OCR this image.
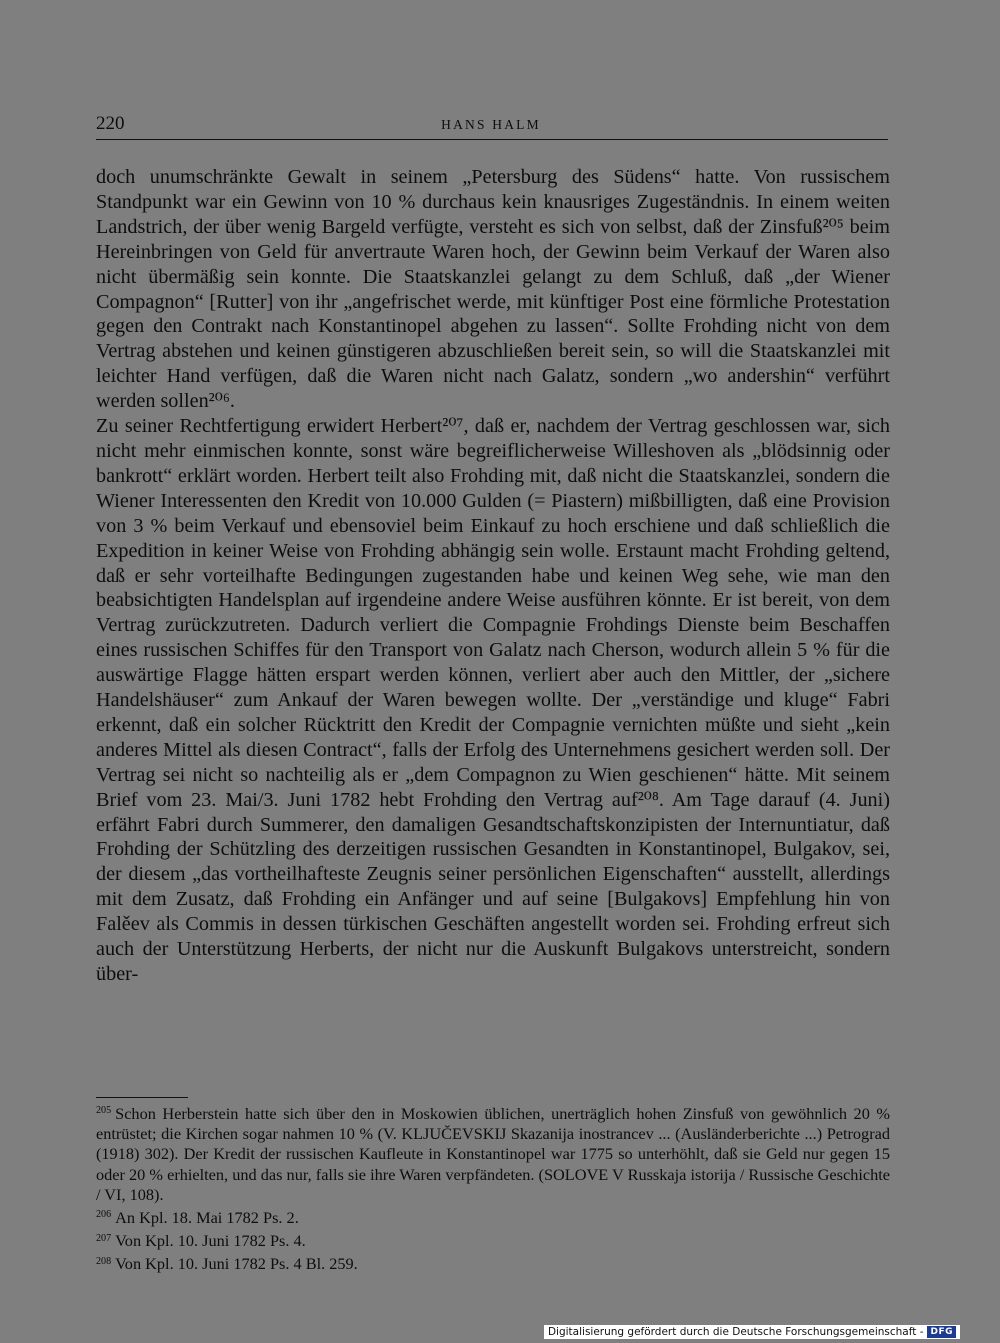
220	HANS HALM

doch unumschränkte Gewalt in seinem „Petersburg des Südens“ hatte. Von russischem Standpunkt war ein Gewinn von 10 % durchaus kein knausriges Zugeständnis. In einem weiten Landstrich, der über wenig Bargeld verfügte, versteht es sich von selbst, daß der Zinsfuß²⁰⁵ beim Hereinbringen von Geld für anvertraute Waren hoch, der Gewinn beim Verkauf der Waren also nicht übermäßig sein konnte. Die Staatskanzlei gelangt zu dem Schluß, daß „der Wiener Compagnon“ [Rutter] von ihr „angefrischet werde, mit künftiger Post eine förmliche Protestation gegen den Contrakt nach Konstantinopel abgehen zu lassen“. Sollte Frohding nicht von dem Vertrag abstehen und keinen günstigeren abzuschließen bereit sein, so will die Staatskanzlei mit leichter Hand verfügen, daß die Waren nicht nach Galatz, sondern „wo andershin“ verführt werden sollen²⁰⁶.

Zu seiner Rechtfertigung erwidert Herbert²⁰⁷, daß er, nachdem der Vertrag geschlossen war, sich nicht mehr einmischen konnte, sonst wäre begreiflicherweise Willeshoven als „blödsinnig oder bankrott“ erklärt worden. Herbert teilt also Frohding mit, daß nicht die Staatskanzlei, sondern die Wiener Interessenten den Kredit von 10.000 Gulden (= Piastern) mißbilligten, daß eine Provision von 3 % beim Verkauf und ebensoviel beim Einkauf zu hoch erschiene und daß schließlich die Expedition in keiner Weise von Frohding abhängig sein wolle. Erstaunt macht Frohding geltend, daß er sehr vorteilhafte Bedingungen zugestanden habe und keinen Weg sehe, wie man den beabsichtigten Handelsplan auf irgendeine andere Weise ausführen könnte. Er ist bereit, von dem Vertrag zurückzutreten. Dadurch verliert die Compagnie Frohdings Dienste beim Beschaffen eines russischen Schiffes für den Transport von Galatz nach Cherson, wodurch allein 5 % für die auswärtige Flagge hätten erspart werden können, verliert aber auch den Mittler, der „sichere Handelshäuser“ zum Ankauf der Waren bewegen wollte. Der „verständige und kluge“ Fabri erkennt, daß ein solcher Rücktritt den Kredit der Compagnie vernichten müßte und sieht „kein anderes Mittel als diesen Contract“, falls der Erfolg des Unternehmens gesichert werden soll. Der Vertrag sei nicht so nachteilig als er „dem Compagnon zu Wien geschienen“ hätte. Mit seinem Brief vom 23. Mai/3. Juni 1782 hebt Frohding den Vertrag auf²⁰⁸. Am Tage darauf (4. Juni) erfährt Fabri durch Summerer, den damaligen Gesandtschaftskonzipisten der Internuntiatur, daß Frohding der Schützling des derzeitigen russischen Gesandten in Konstantinopel, Bulgakov, sei, der diesem „das vortheilhafteste Zeugnis seiner persönlichen Eigenschaften“ ausstellt, allerdings mit dem Zusatz, daß Frohding ein Anfänger und auf seine [Bulgakovs] Empfehlung hin von Falěev als Commis in dessen türkischen Geschäften angestellt worden sei. Frohding erfreut sich auch der Unterstützung Herberts, der nicht nur die Auskunft Bulgakovs unterstreicht, sondern über-

$^{205}$ Schon Herberstein hatte sich über den in Moskowien üblichen, unerträglich hohen Zinsfuß von gewöhnlich 20 % entrüstet; die Kirchen sogar nahmen 10 % (V. KLJUČEVSKIJ Skazanija inostrancev ... (Ausländerberichte ...) Petrograd (1918) 302). Der Kredit der russischen Kaufleute in Konstantinopel war 1775 so unterhöhlt, daß sie Geld nur gegen 15 oder 20 % erhielten, und das nur, falls sie ihre Waren verpfändeten. (SOLOVE V Russkaja istorija / Russische Geschichte / VI, 108).

$^{206}$ An Kpl. 18. Mai 1782 Ps. 2.

$^{207}$ Von Kpl. 10. Juni 1782 Ps. 4.

$^{208}$ Von Kpl. 10. Juni 1782 Ps. 4 Bl. 259.

Digitalisierung gefördert durch die Deutsche Forschungsgemeinschaft - DFG
